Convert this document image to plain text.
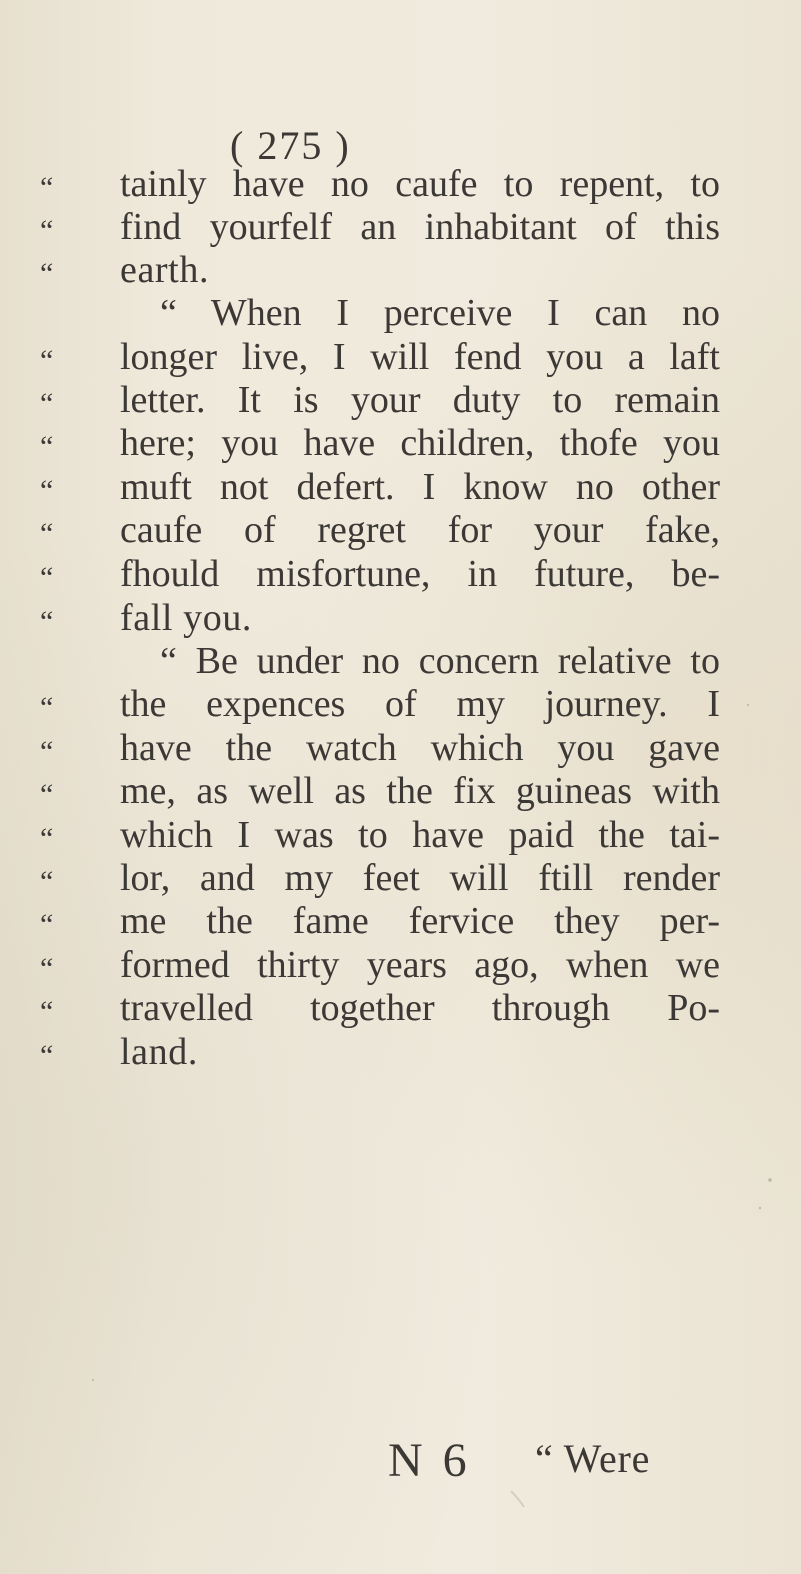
( 275 )
“	tainly have no caufe to repent, to
“	find yourfelf an inhabitant of this
“	earth.
“ When I perceive I can no
“	longer live, I will fend you a laft
“	letter. It is your duty to remain
“	here; you have children, thofe you
“	muft not defert. I know no other
“	caufe of regret for your fake,
“	fhould misfortune, in future, be-
“	fall you.
“ Be under no concern relative to
“	the expences of my journey. I
“	have the watch which you gave
“	me, as well as the fix guineas with
“	which I was to have paid the tai-
“	lor, and my feet will ftill render
“	me the fame fervice they per-
“	formed thirty years ago, when we
“	travelled together through Po-
“	land.
N 6 “ Were
